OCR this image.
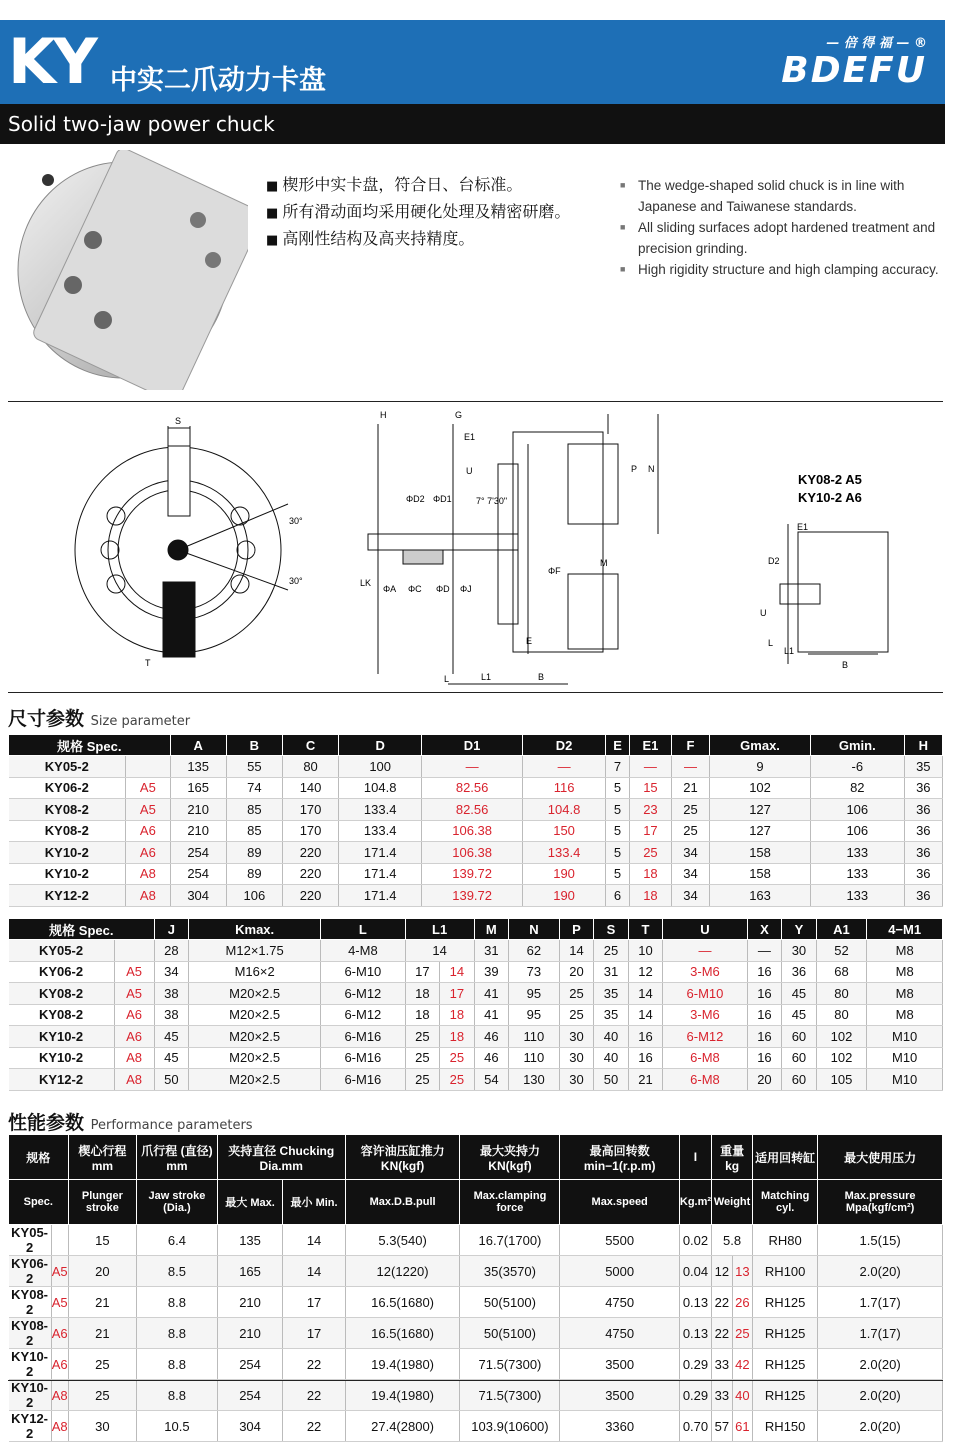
KY 中实二爪动力卡盘
— 倍 得 福 — ®
BDEFU
Solid two-jaw power chuck
■ 楔形中实卡盘，符合日、台标准。
■ 所有滑动面均采用硬化处理及精密研磨。
■ 高刚性结构及高夹持精度。
■ The wedge-shaped solid chuck is in line with Japanese and Taiwanese standards.
■ All sliding surfaces adopt hardened treatment and precision grinding.
■ High rigidity structure and high clamping accuracy.
S
T
30°
30°
H	G
E1
U	P N
M
E
B
L1
L
ΦD2 ΦD1
ΦA ΦC ΦD ΦJ
ΦF
7° 7'30"
LK
KY08-2 A5
KY10-2 A6
E1
D2
U
L
L1
B
尺寸参数 Size parameter
规格 Spec.		A	B	C	D	D1	D2	E	E1	F	Gmax.	Gmin.	H
KY05-2		135	55	80	100	—	—	7	—	—	9	-6	35
KY06-2	A5	165	74	140	104.8	82.56	116	5	15	21	102	82	36
KY08-2	A5	210	85	170	133.4	82.56	104.8	5	23	25	127	106	36
KY08-2	A6	210	85	170	133.4	106.38	150	5	17	25	127	106	36
KY10-2	A6	254	89	220	171.4	106.38	133.4	5	25	34	158	133	36
KY10-2	A8	254	89	220	171.4	139.72	190	5	18	34	158	133	36
KY12-2	A8	304	106	220	171.4	139.72	190	6	18	34	163	133	36
规格 Spec.		J	Kmax.	L	L1		M	N	P	S	T	U	X	Y	A1	4−M1
KY05-2		28	M12×1.75	4-M8	14		31	62	14	25	10	—	—	30	52	M8
KY06-2	A5	34	M16×2	6-M10	17	14	39	73	20	31	12	3-M6	16	36	68	M8
KY08-2	A5	38	M20×2.5	6-M12	18	17	41	95	25	35	14	6-M10	16	45	80	M8
KY08-2	A6	38	M20×2.5	6-M12	18	18	41	95	25	35	14	3-M6	16	45	80	M8
KY10-2	A6	45	M20×2.5	6-M16	25	18	46	110	30	40	16	6-M12	16	60	102	M10
KY10-2	A8	45	M20×2.5	6-M16	25	25	46	110	30	40	16	6-M8	16	60	102	M10
KY12-2	A8	50	M20×2.5	6-M16	25	25	54	130	30	50	21	6-M8	20	60	105	M10
性能参数 Performance parameters
规格		楔心行程 mm	爪行程 (直径) mm	夹持直径 Chucking Dia.mm		容许油压缸推力 KN(kgf)	最大夹持力 KN(kgf)	最高回转数 min−1(r.p.m)	I	重量 kg		适用回转缸	最大使用压力
Spec.		Plunger stroke	Jaw stroke (Dia.)	最大 Max.	最小 Min.	Max.D.B.pull	Max.clamping force	Max.speed	Kg.m²	Weight		Matching cyl.	Max.pressure Mpa(kgf/cm²)
KY05-2		15	6.4	135	14	5.3(540)	16.7(1700)	5500	0.02	5.8		RH80	1.5(15)
KY06-2	A5	20	8.5	165	14	12(1220)	35(3570)	5000	0.04	12	13	RH100	2.0(20)
KY08-2	A5	21	8.8	210	17	16.5(1680)	50(5100)	4750	0.13	22	26	RH125	1.7(17)
KY08-2	A6	21	8.8	210	17	16.5(1680)	50(5100)	4750	0.13	22	25	RH125	1.7(17)
KY10-2	A6	25	8.8	254	22	19.4(1980)	71.5(7300)	3500	0.29	33	42	RH125	2.0(20)
KY10-2	A8	25	8.8	254	22	19.4(1980)	71.5(7300)	3500	0.29	33	40	RH125	2.0(20)
KY12-2	A8	30	10.5	304	22	27.4(2800)	103.9(10600)	3360	0.70	57	61	RH150	2.0(20)
